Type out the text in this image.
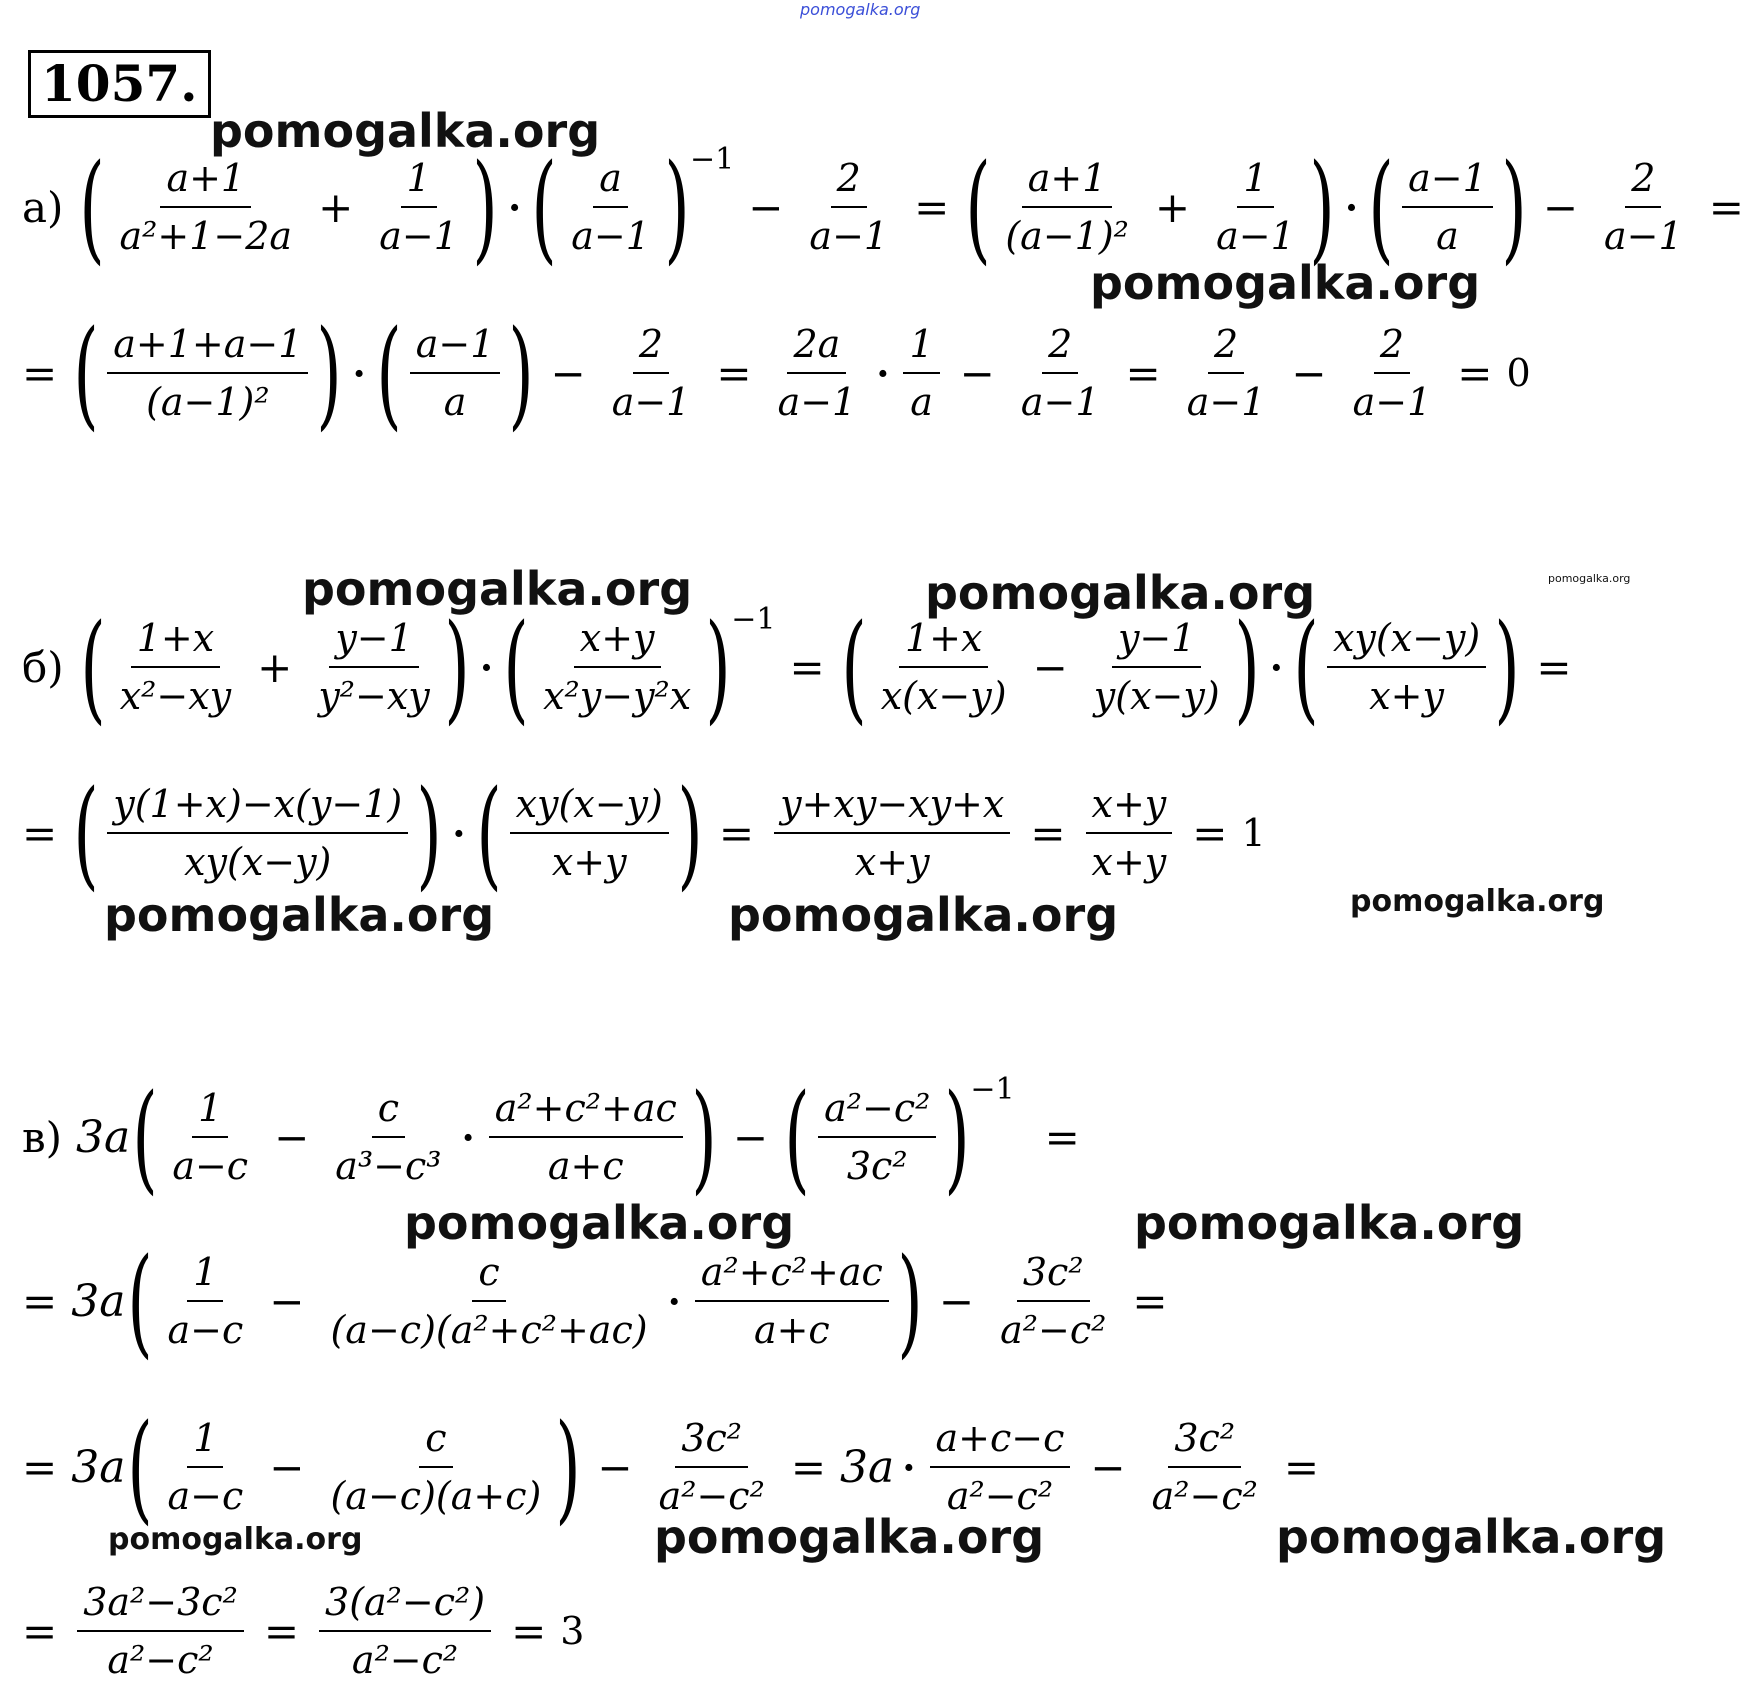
pomogalka.org
1057.
а) ( $\frac{a+1}{\text{a²+1−2a}} + \frac{1}{a-1}$ ) · ( $\frac{a}{a-1}$ ) −1
− $\frac{2}{a-1}$ = ( $\frac{a+1}{\text{(a−1)²}} + \frac{1}{a-1}$ ) · ( $\frac{a-1}{a}$ ) − $\frac{2}{a-1}$ =
= ( $\frac{a+1+a-1}{\text{(a−1)²}}$ ) · ( $\frac{a-1}{a}$ ) − $\frac{2}{a-1} = \frac{2a}{a-1} \cdot \frac{1}{a} - \frac{2}{a-1} = \frac{2}{a-1} - \frac{2}{a-1} = 0$
б) ( $\frac{1+x}{\text{x²−xy}} + \frac{y-1}{\text{y²−xy}}$ ) · ( $\frac{x+y}{\text{x²y−y²x}}$ ) −1
= ( $\frac{1+x}{x(x-y)} - \frac{y-1}{y(x-y)}$ ) · ( $\frac{xy(x-y)}{x+y}$ ) =
= ( $\frac{y(1+x)-x(y-1)}{xy(x-y)}$ ) · ( $\frac{xy(x-y)}{x+y}$ ) = $\frac{y+xy-xy+x}{x+y} = \frac{x+y}{x+y} = 1$
в) 3a ( $\frac{1}{a-c} - \frac{c}{\text{a³−c³}} \cdot \frac{\text{a²+c²+ac}}{a+c}$ ) − ( $\frac{\text{a²−c²}}{\text{3c²}}$ ) −1
=
= 3a ( $\frac{1}{a-c} - \frac{c}{\text{(a−c)(a²+c²+ac)}} \cdot \frac{\text{a²+c²+ac}}{a+c}$ ) − $\frac{\text{3c²}}{\text{a²−c²}}$ =
= 3a ( $\frac{1}{a-c} - \frac{c}{(a-c)(a+c)}$ ) − $\frac{\text{3c²}}{\text{a²−c²}} = 3a \cdot \frac{a+c-c}{\text{a²−c²}} - \frac{\text{3c²}}{\text{a²−c²}}$ =
= $\frac{\text{3a²−3c²}}{\text{a²−c²}} = \frac{\text{3(a²−c²)}}{\text{a²−c²}} = 3$
pomogalka.org
pomogalka.org
pomogalka.org	pomogalka.org	pomogalka.org
pomogalka.org	pomogalka.org	pomogalka.org
pomogalka.org	pomogalka.org
pomogalka.org	pomogalka.org	pomogalka.org
